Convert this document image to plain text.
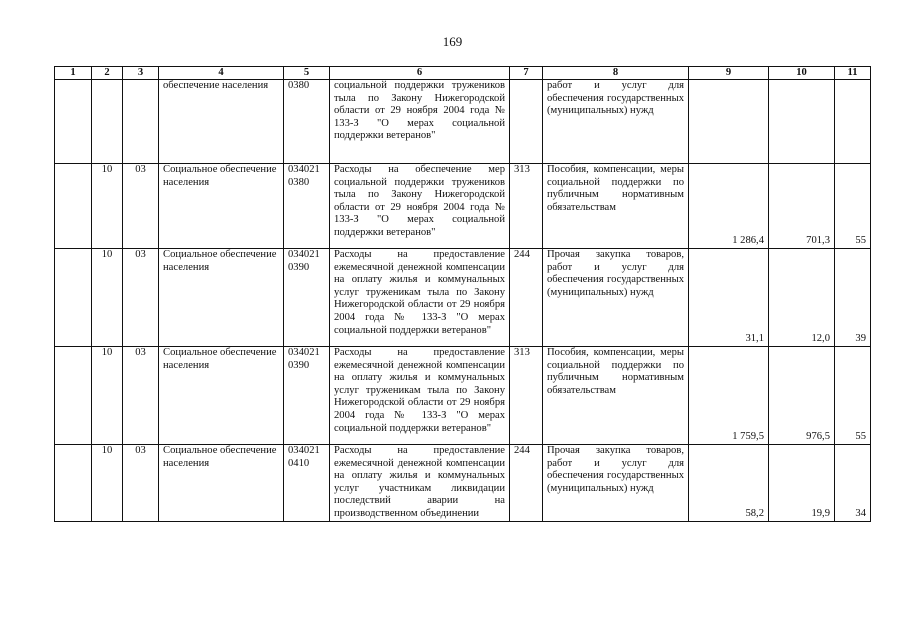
169
1	2	3	4	5	6	7	8	9	10	11
			обеспечение населения	0380	социальной поддержки тружеников тыла по Закону Нижегородской области от 29 ноября 2004 года № 133-З "О мерах социальной поддержки ветеранов"		работ и услуг для обеспечения государственных (муниципальных) нужд			
	10	03	Социальное обеспечение населения	034021 0380	Расходы на обеспечение мер социальной поддержки тружеников тыла по Закону Нижегородской области от 29 ноября 2004 года № 133-З "О мерах социальной поддержки ветеранов"	313	Пособия, компенсации, меры социальной поддержки по публичным нормативным обязательствам	1 286,4	701,3	55
	10	03	Социальное обеспечение населения	034021 0390	Расходы на предоставление ежемесячной денежной компенсации на оплату жилья и коммунальных услуг труженикам тыла по Закону Нижегородской области от 29 ноября 2004 года № 133-З "О мерах социальной поддержки ветеранов"	244	Прочая закупка товаров, работ и услуг для обеспечения государственных (муниципальных) нужд	31,1	12,0	39
	10	03	Социальное обеспечение населения	034021 0390	Расходы на предоставление ежемесячной денежной компенсации на оплату жилья и коммунальных услуг труженикам тыла по Закону Нижегородской области от 29 ноября 2004 года № 133-З "О мерах социальной поддержки ветеранов"	313	Пособия, компенсации, меры социальной поддержки по публичным нормативным обязательствам	1 759,5	976,5	55
	10	03	Социальное обеспечение населения	034021 0410	Расходы на предоставление ежемесячной денежной компенсации на оплату жилья и коммунальных услуг участникам ликвидации последствий аварии на производственном объединении	244	Прочая закупка товаров, работ и услуг для обеспечения государственных (муниципальных) нужд	58,2	19,9	34
